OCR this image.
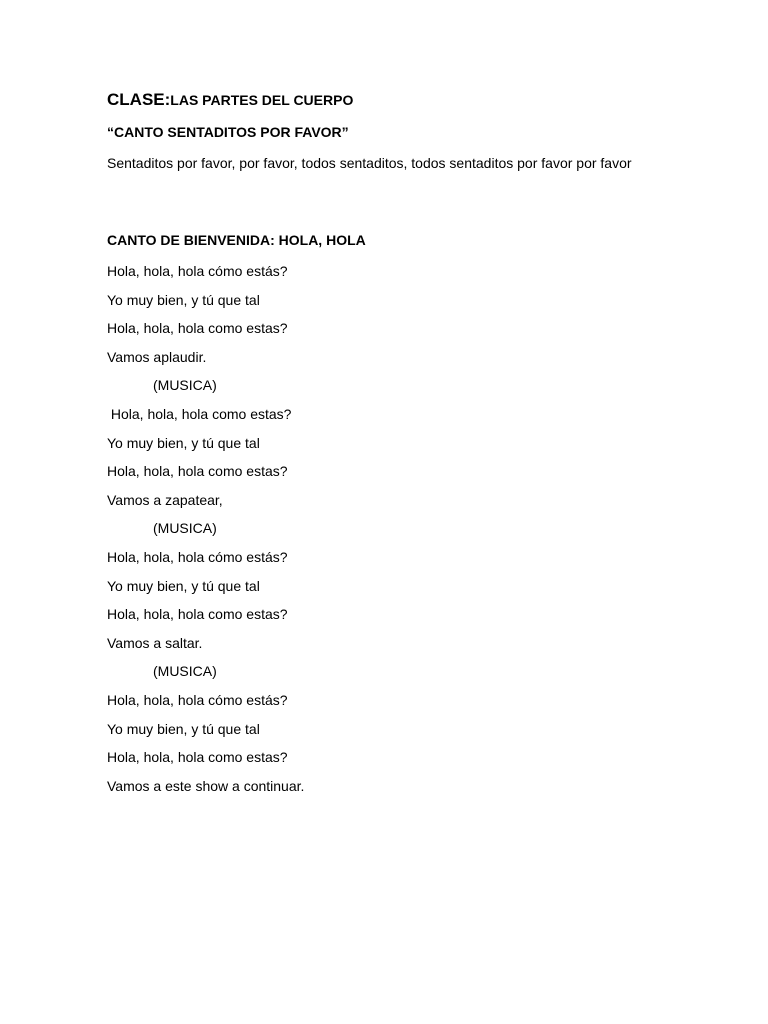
CLASE:LAS PARTES DEL CUERPO
“CANTO SENTADITOS POR FAVOR”
Sentaditos por favor, por favor, todos sentaditos, todos sentaditos por favor por favor
CANTO DE BIENVENIDA: HOLA, HOLA
Hola, hola, hola cómo estás?
Yo muy bien, y tú que tal
Hola, hola, hola como estas?
Vamos aplaudir.
(MUSICA)
Hola, hola, hola como estas?
Yo muy bien, y tú que tal
Hola, hola, hola como estas?
Vamos a zapatear,
(MUSICA)
Hola, hola, hola cómo estás?
Yo muy bien, y tú que tal
Hola, hola, hola como estas?
Vamos a saltar.
(MUSICA)
Hola, hola, hola cómo estás?
Yo muy bien, y tú que tal
Hola, hola, hola como estas?
Vamos a este show a continuar.
